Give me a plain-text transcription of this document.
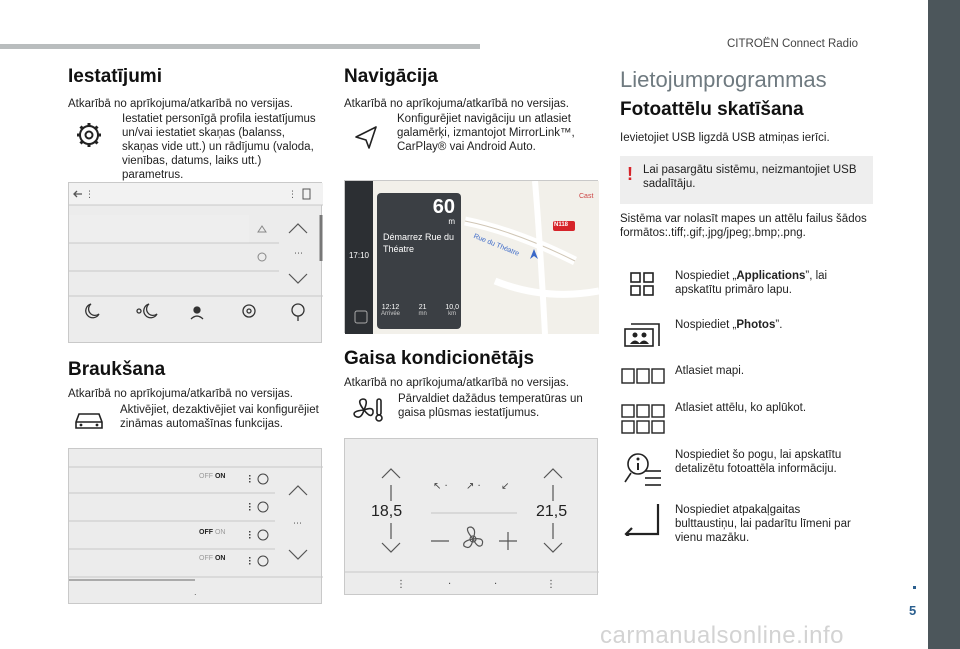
CITROËN Connect Radio
5
carmanualsonline.info
Iestatījumi
Atkarībā no aprīkojuma/atkarībā no versijas.
Iestatiet personīgā profila iestatījumus un/vai iestatiet skaņas (balanss, skaņas vide utt.) un rādījumu (valoda, vienības, datums, laiks utt.) parametrus.
⋮	⋮
⋯
Braukšana
Atkarībā no aprīkojuma/atkarībā no versijas.
Aktivējiet, dezaktivējiet vai konfigurējiet zināmas automašīnas funkcijas.
.
⋯
OFF ON
OFF ON
OFF ON
Navigācija
Atkarībā no aprīkojuma/atkarībā no versijas.
Konfigurējiet navigāciju un atlasiet galamērķi, izmantojot MirrorLink™, CarPlay® vai Android Auto.
17:10
N118
Cast
Rue du Théatre
60
m
Démarrez Rue du Théatre
12:12
Arrivée
21
mn
10,0
km
Gaisa kondicionētājs
Atkarībā no aprīkojuma/atkarībā no versijas.
Pārvaldiet dažādus temperatūras un gaisa plūsmas iestatījumus.
⋮	·	·	⋮
↖ · ↗ · ↙
18,5	21,5
Lietojumprogrammas
Fotoattēlu skatīšana
Ievietojiet USB ligzdā USB atmiņas ierīci.
! Lai pasargātu sistēmu, neizmantojiet USB sadalītāju.
Sistēma var nolasīt mapes un attēlu failus šādos formātos:.tiff;.gif;.jpg/jpeg;.bmp;.png.
Nospiediet „Applications”, lai apskatītu primāro lapu.
Nospiediet „Photos”.
Atlasiet mapi.
Atlasiet attēlu, ko aplūkot.
Nospiediet šo pogu, lai apskatītu detalizētu fotoattēla informāciju.
Nospiediet atpakaļgaitas bulttaustiņu, lai padarītu līmeni par vienu mazāku.
